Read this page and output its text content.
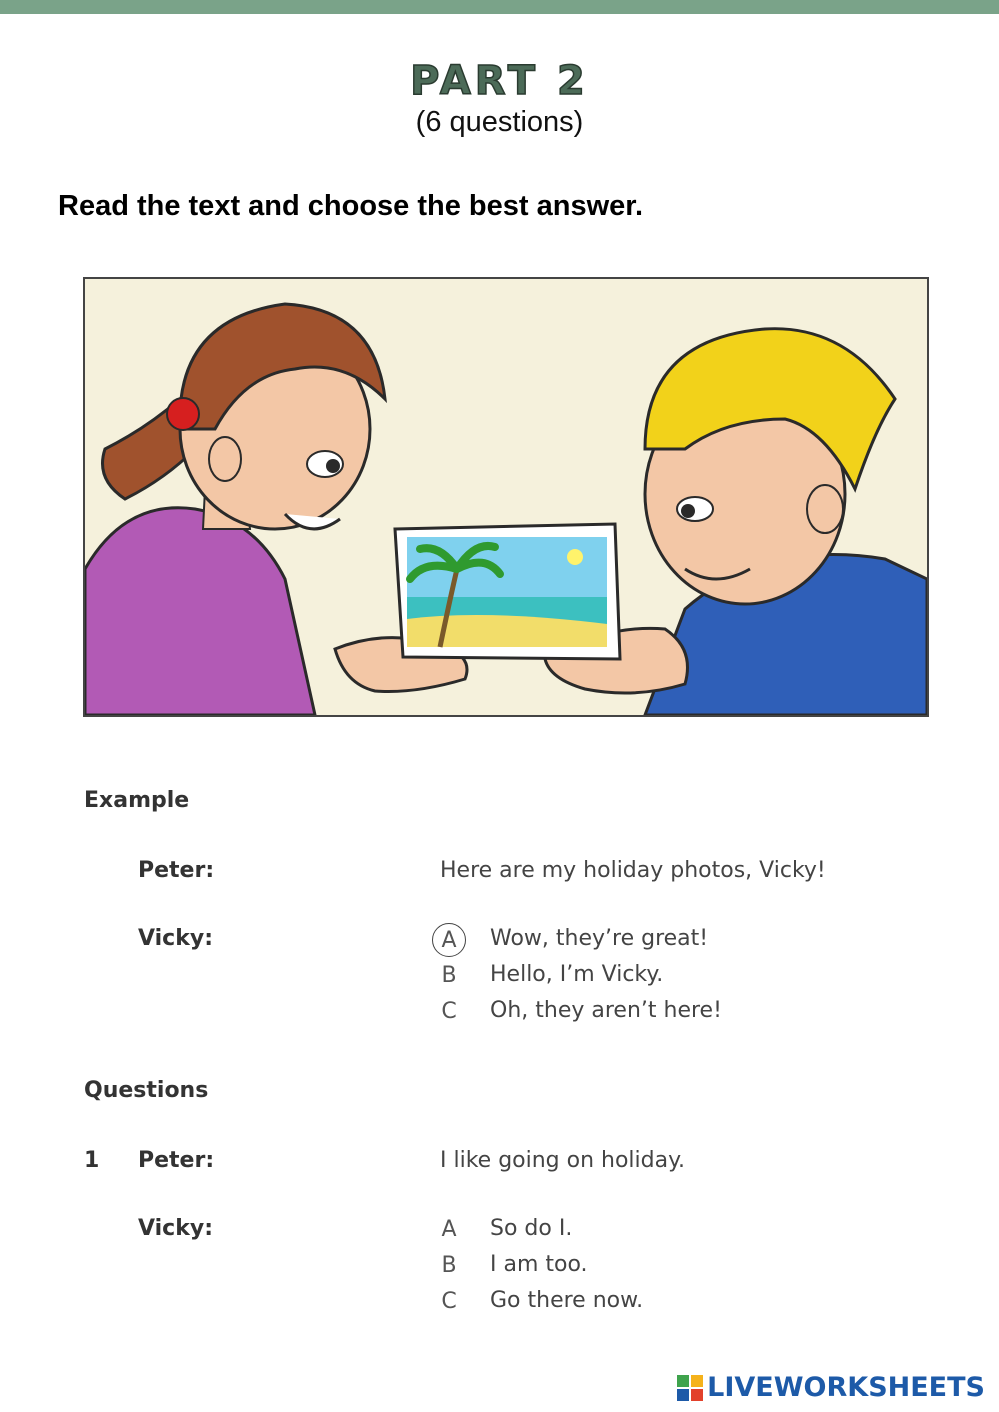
PART 2
(6 questions)
Read the text and choose the best answer.
Example
Peter:	Here are my holiday photos, Vicky!
Vicky:	A	Wow, they’re great!
B	Hello, I’m Vicky.
C	Oh, they aren’t here!
Questions
1 Peter:	I like going on holiday.
Vicky:	A	So do I.
B	I am too.
C	Go there now.
LIVEWORKSHEETS
